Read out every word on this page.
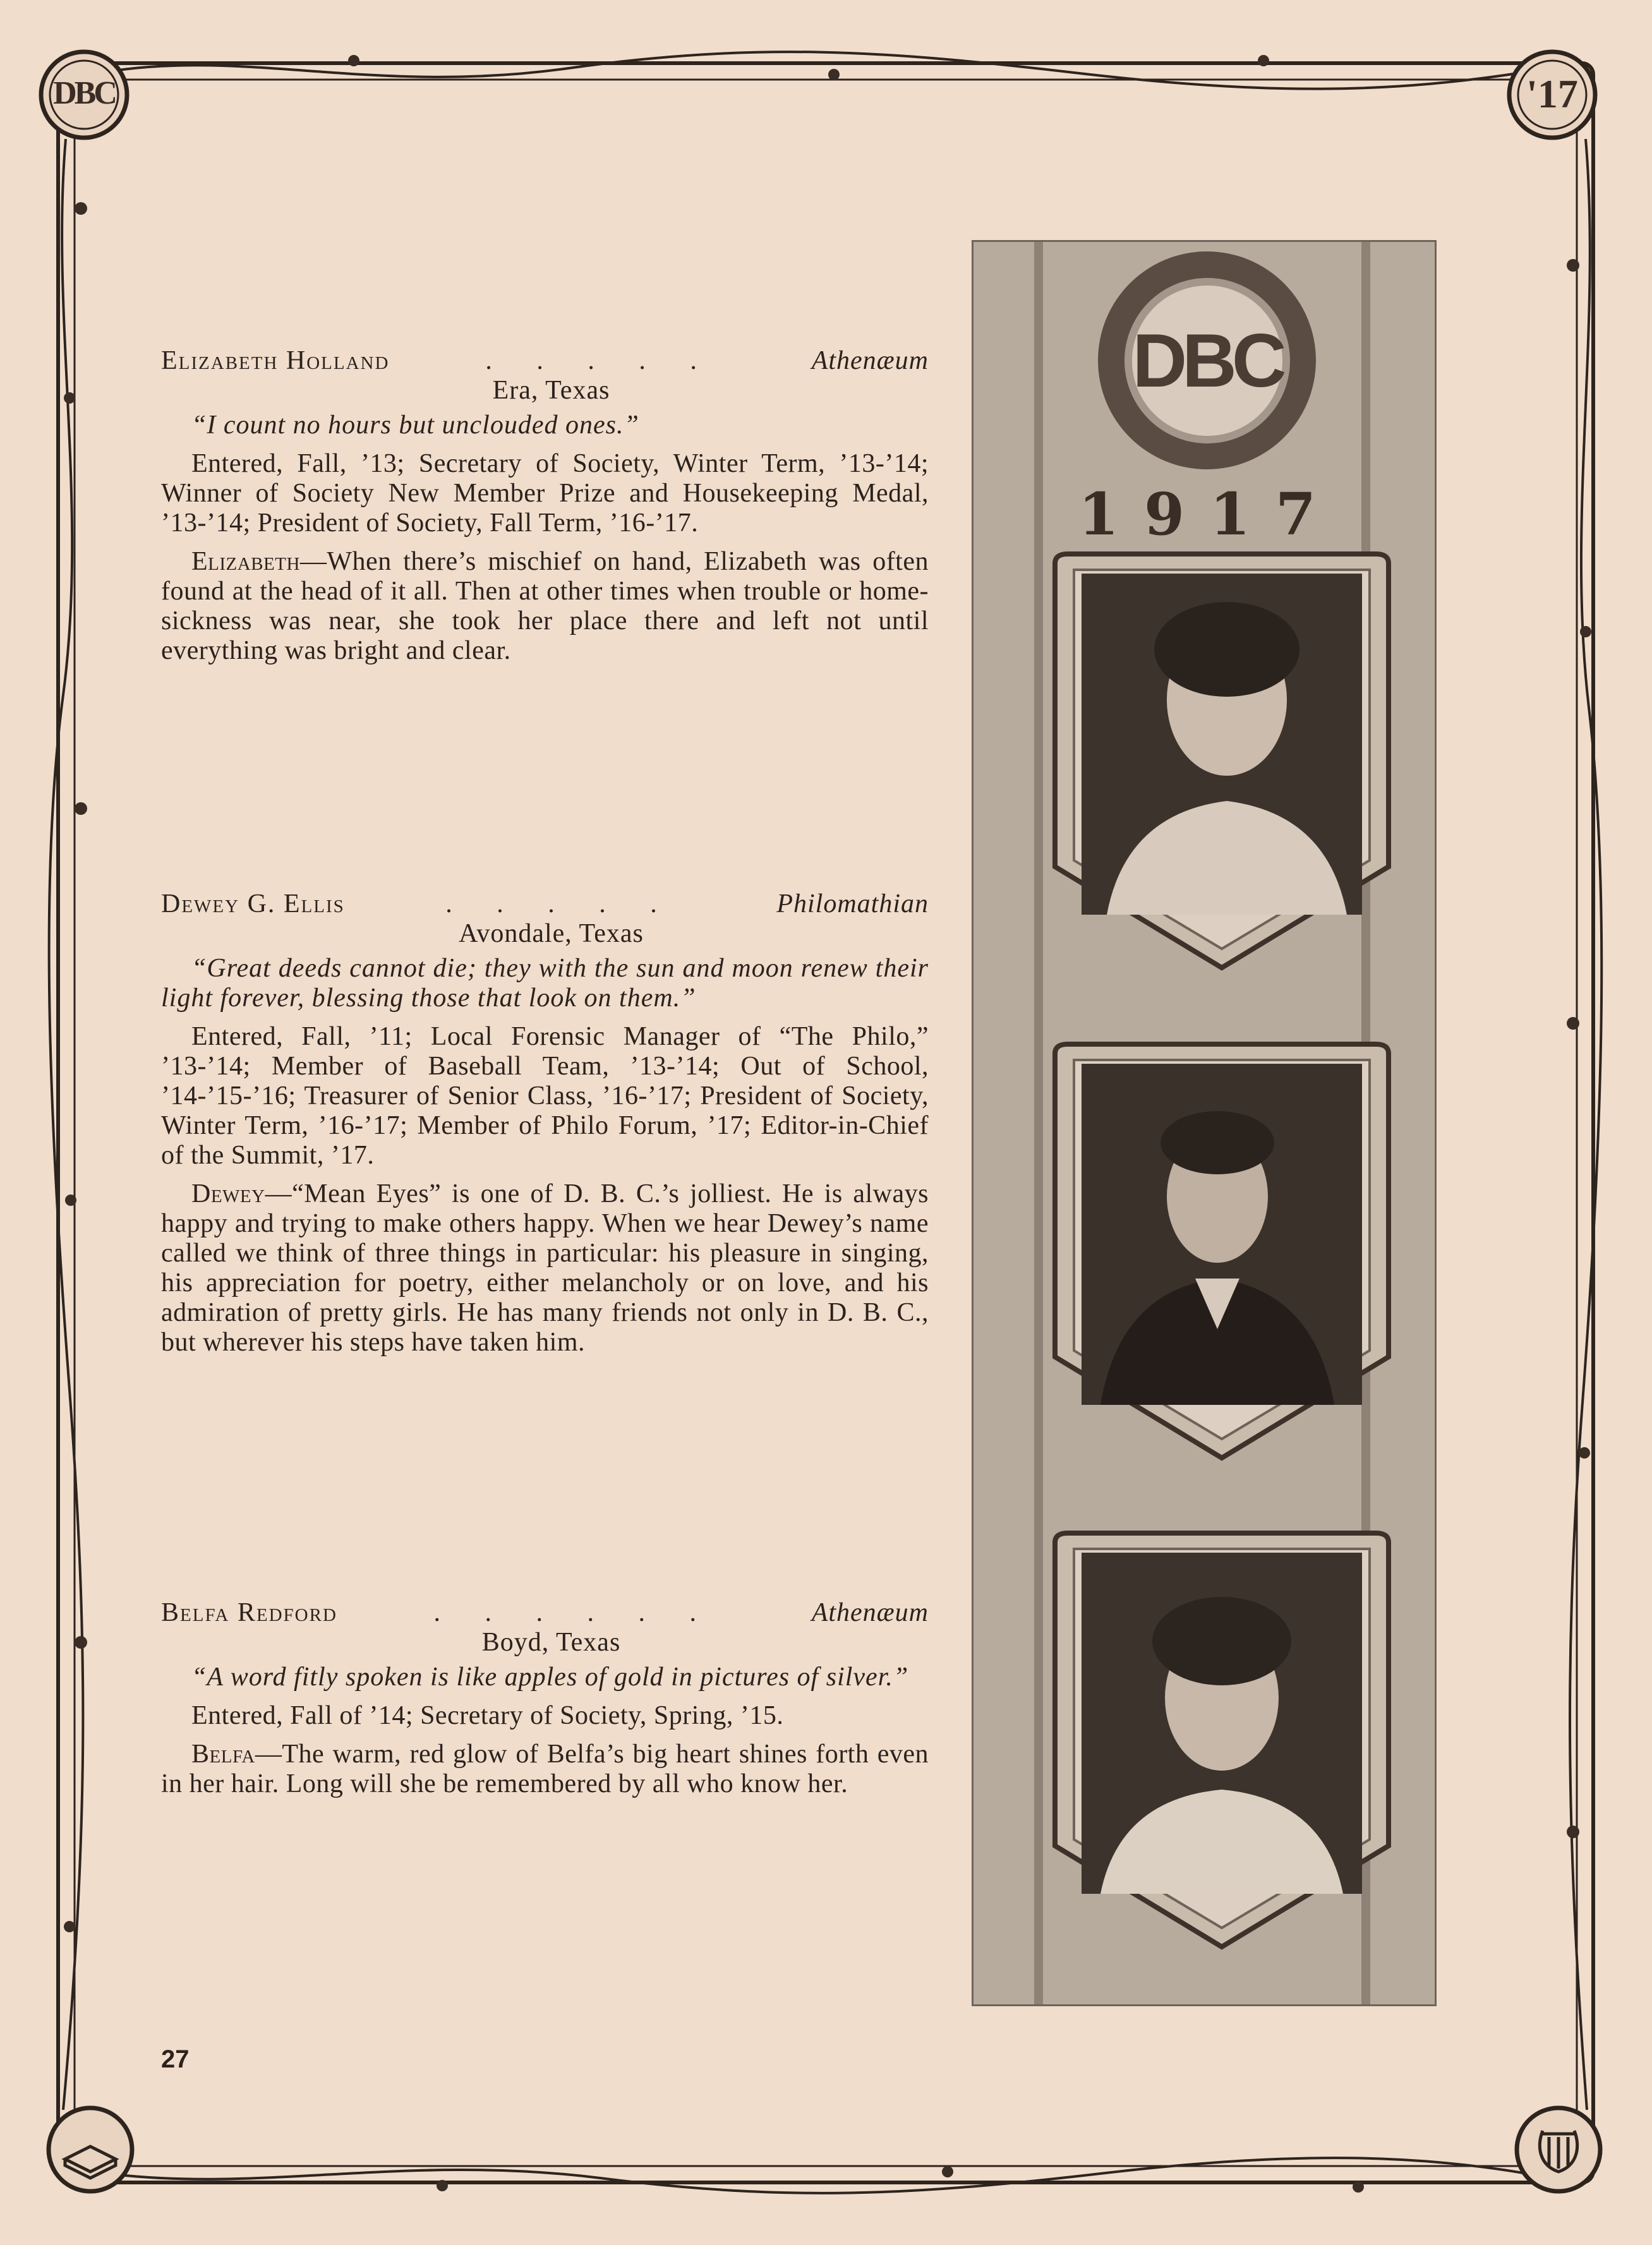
DBC	'17
Elizabeth Holland	. . . . .	Athenæum
Era, Texas
“I count no hours but unclouded ones.”
Entered, Fall, ’13; Secretary of Society, Winter Term, ’13-’14; Winner of Society New Member Prize and Housekeeping Medal, ’13-’14; President of Society, Fall Term, ’16-’17.
Elizabeth—When there’s mischief on hand, Elizabeth was often found at the head of it all. Then at other times when trouble or home-sickness was near, she took her place there and left not until everything was bright and clear.
Dewey G. Ellis	. . . . .	Philomathian
Avondale, Texas
“Great deeds cannot die; they with the sun and moon renew their light forever, blessing those that look on them.”
Entered, Fall, ’11; Local Forensic Manager of “The Philo,” ’13-’14; Member of Baseball Team, ’13-’14; Out of School, ’14-’15-’16; Treasurer of Senior Class, ’16-’17; President of Society, Winter Term, ’16-’17; Member of Philo Forum, ’17; Editor-in-Chief of the Summit, ’17.
Dewey—“Mean Eyes” is one of D. B. C.’s jolliest. He is always happy and trying to make others happy. When we hear Dewey’s name called we think of three things in particular: his pleasure in singing, his appreciation for poetry, either melancholy or on love, and his admiration of pretty girls. He has many friends not only in D. B. C., but wherever his steps have taken him.
Belfa Redford	. . . . . .	Athenæum
Boyd, Texas
“A word fitly spoken is like apples of gold in pictures of silver.”
Entered, Fall of ’14; Secretary of Society, Spring, ’15.
Belfa—The warm, red glow of Belfa’s big heart shines forth even in her hair. Long will she be remembered by all who know her.
27
DBC
1917
